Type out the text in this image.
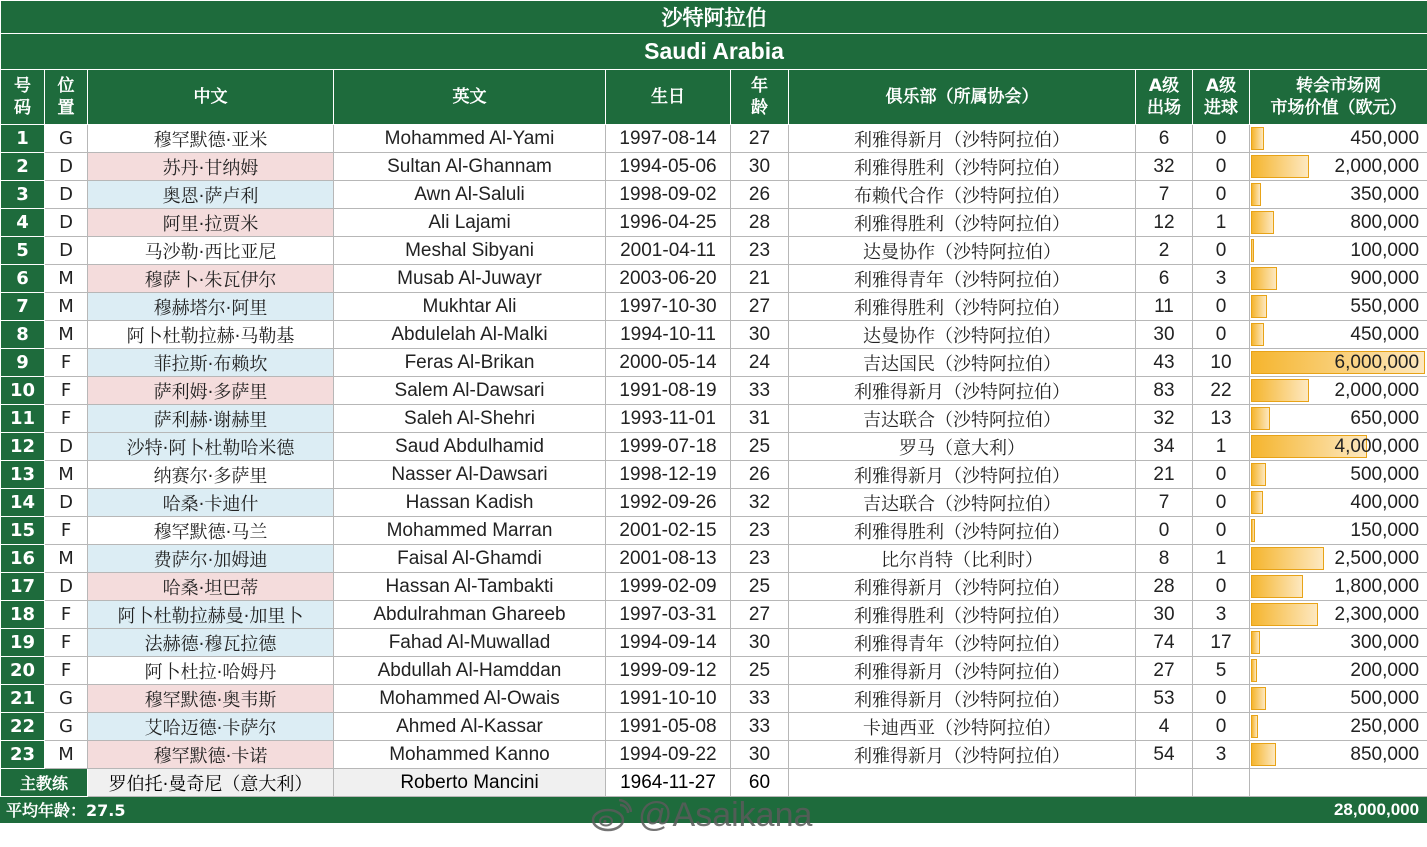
沙特阿拉伯									
Saudi Arabia									
号码	位置	中文	英文	生日	年龄	俱乐部（所属协会）	A级出场	A级进球	转会市场网
市场价值（欧元）

1	G	穆罕默德·亚米	Mohammed Al-Yami	1997-08-14	27	利雅得新月（沙特阿拉伯）	6	0	450,000
2	D	苏丹·甘纳姆	Sultan Al-Ghannam	1994-05-06	30	利雅得胜利（沙特阿拉伯）	32	0	2,000,000
3	D	奥恩·萨卢利	Awn Al-Saluli	1998-09-02	26	布赖代合作（沙特阿拉伯）	7	0	350,000
4	D	阿里·拉贾米	Ali Lajami	1996-04-25	28	利雅得胜利（沙特阿拉伯）	12	1	800,000
5	D	马沙勒·西比亚尼	Meshal Sibyani	2001-04-11	23	达曼协作（沙特阿拉伯）	2	0	100,000
6	M	穆萨卜·朱瓦伊尔	Musab Al-Juwayr	2003-06-20	21	利雅得青年（沙特阿拉伯）	6	3	900,000
7	M	穆赫塔尔·阿里	Mukhtar Ali	1997-10-30	27	利雅得胜利（沙特阿拉伯）	11	0	550,000
8	M	阿卜杜勒拉赫·马勒基	Abdulelah Al-Malki	1994-10-11	30	达曼协作（沙特阿拉伯）	30	0	450,000
9	F	菲拉斯·布赖坎	Feras Al-Brikan	2000-05-14	24	吉达国民（沙特阿拉伯）	43	10	6,000,000
10	F	萨利姆·多萨里	Salem Al-Dawsari	1991-08-19	33	利雅得新月（沙特阿拉伯）	83	22	2,000,000
11	F	萨利赫·谢赫里	Saleh Al-Shehri	1993-11-01	31	吉达联合（沙特阿拉伯）	32	13	650,000
12	D	沙特·阿卜杜勒哈米德	Saud Abdulhamid	1999-07-18	25	罗马（意大利）	34	1	4,000,000
13	M	纳赛尔·多萨里	Nasser Al-Dawsari	1998-12-19	26	利雅得新月（沙特阿拉伯）	21	0	500,000
14	D	哈桑·卡迪什	Hassan Kadish	1992-09-26	32	吉达联合（沙特阿拉伯）	7	0	400,000
15	F	穆罕默德·马兰	Mohammed Marran	2001-02-15	23	利雅得胜利（沙特阿拉伯）	0	0	150,000
16	M	费萨尔·加姆迪	Faisal Al-Ghamdi	2001-08-13	23	比尔肖特（比利时）	8	1	2,500,000
17	D	哈桑·坦巴蒂	Hassan Al-Tambakti	1999-02-09	25	利雅得新月（沙特阿拉伯）	28	0	1,800,000
18	F	阿卜杜勒拉赫曼·加里卜	Abdulrahman Ghareeb	1997-03-31	27	利雅得胜利（沙特阿拉伯）	30	3	2,300,000
19	F	法赫德·穆瓦拉德	Fahad Al-Muwallad	1994-09-14	30	利雅得青年（沙特阿拉伯）	74	17	300,000
20	F	阿卜杜拉·哈姆丹	Abdullah Al-Hamddan	1999-09-12	25	利雅得新月（沙特阿拉伯）	27	5	200,000
21	G	穆罕默德·奥韦斯	Mohammed Al-Owais	1991-10-10	33	利雅得新月（沙特阿拉伯）	53	0	500,000
22	G	艾哈迈德·卡萨尔	Ahmed Al-Kassar	1991-05-08	33	卡迪西亚（沙特阿拉伯）	4	0	250,000
23	M	穆罕默德·卡诺	Mohammed Kanno	1994-09-22	30	利雅得新月（沙特阿拉伯）	54	3	850,000
主教练		罗伯托·曼奇尼（意大利）	Roberto Mancini	1964-11-27	60				
平均年龄：27.5									28,000,000
@Asaikana
